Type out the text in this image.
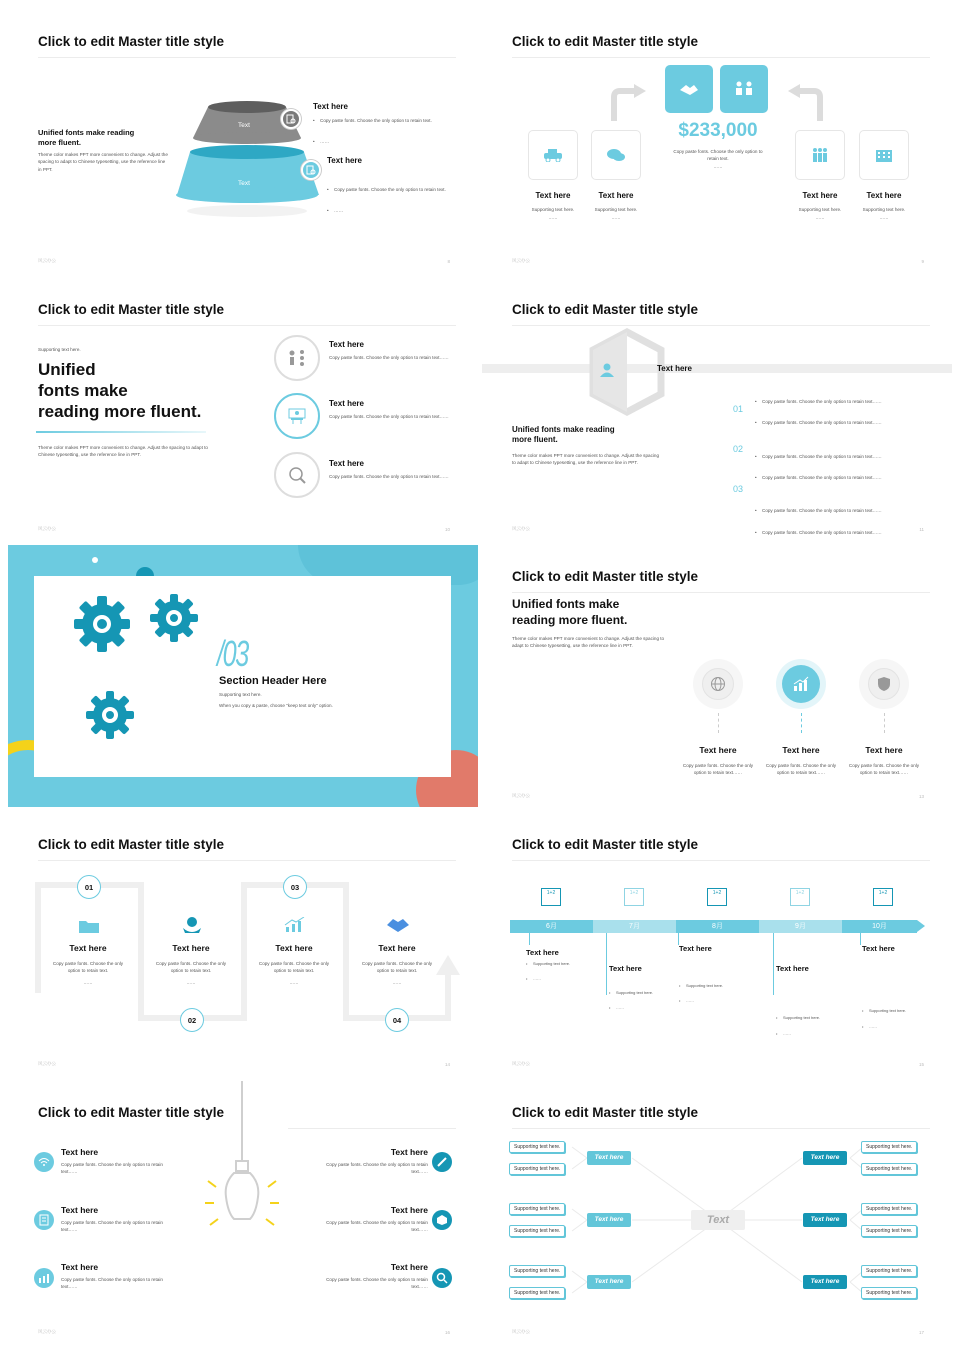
Click to edit Master title style
Unified fonts make reading more fluent.
Theme color makes PPT more convenient to change. Adjust the spacing to adapt to Chinese typesetting, use the reference line in PPT.
Text
Text
Text here
• Copy paste fonts. Choose the only option to retain text.
• ……
Text here
• Copy paste fonts. Choose the only option to retain text.
• ……
风云办公	8
Click to edit Master title style
$233,000
Copy paste fonts. Choose the only option to retain text.
……
Text here
Supporting text here.
……
Text here
Supporting text here.
……
Text here
Supporting text here.
……
Text here
Supporting text here.
……
风云办公	9
Click to edit Master title style
Supporting text here.
Unified
fonts make
reading more fluent.
Theme color makes PPT more convenient to change. Adjust the spacing to adapt to Chinese typesetting, use the reference line in PPT.
Text here
Copy paste fonts. Choose the only option to retain text……
Text here
Copy paste fonts. Choose the only option to retain text……
Text here
Copy paste fonts. Choose the only option to retain text……
风云办公	10
Click to edit Master title style
Text here
Unified fonts make reading more fluent.
Theme color makes PPT more convenient to change. Adjust the spacing to adapt to Chinese typesetting, use the reference line in PPT.
01
• Copy paste fonts. Choose the only option to retain text……
• Copy paste fonts. Choose the only option to retain text……
02
• Copy paste fonts. Choose the only option to retain text……
• Copy paste fonts. Choose the only option to retain text……
03
• Copy paste fonts. Choose the only option to retain text……
• Copy paste fonts. Choose the only option to retain text……
风云办公	11
/03
Section Header Here
Supporting text here.
When you copy & paste, choose "keep text only" option.
Click to edit Master title style
Unified fonts make reading more fluent.
Theme color makes PPT more convenient to change. Adjust the spacing to adapt to Chinese typesetting, use the reference line in PPT.
Text here
Copy paste fonts. Choose the only option to retain text……
Text here
Copy paste fonts. Choose the only option to retain text……
Text here
Copy paste fonts. Choose the only option to retain text……
风云办公	13
Click to edit Master title style
01
02
03
04
Text here
Copy paste fonts. Choose the only option to retain text.
……
Text here
Copy paste fonts. Choose the only option to retain text.
……
Text here
Copy paste fonts. Choose the only option to retain text.
……
Text here
Copy paste fonts. Choose the only option to retain text.
……
风云办公	14
Click to edit Master title style
1+2	1+2	1+2	1+2	1+2
6月	7月	8月	9月	10月
Text here
• Supporting text here.
• ……
Text here
• Supporting text here.
• ……
Text here
• Supporting text here.
• ……
Text here
• Supporting text here.
• ……
Text here
• Supporting text here.
• ……
风云办公	15
Click to edit Master title style
Text here
Copy paste fonts. Choose the only option to retain text……
Text here
Copy paste fonts. Choose the only option to retain text……
Text here
Copy paste fonts. Choose the only option to retain text……
Text here
Copy paste fonts. Choose the only option to retain text……
Text here
Copy paste fonts. Choose the only option to retain text……
Text here
Copy paste fonts. Choose the only option to retain text……
风云办公	16
Click to edit Master title style
Text
Text here
Text here
Text here
Text here
Text here
Text here
Supporting text here.
Supporting text here.
Supporting text here.
Supporting text here.
Supporting text here.
Supporting text here.
Supporting text here.
Supporting text here.
Supporting text here.
Supporting text here.
Supporting text here.
Supporting text here.
风云办公	17
